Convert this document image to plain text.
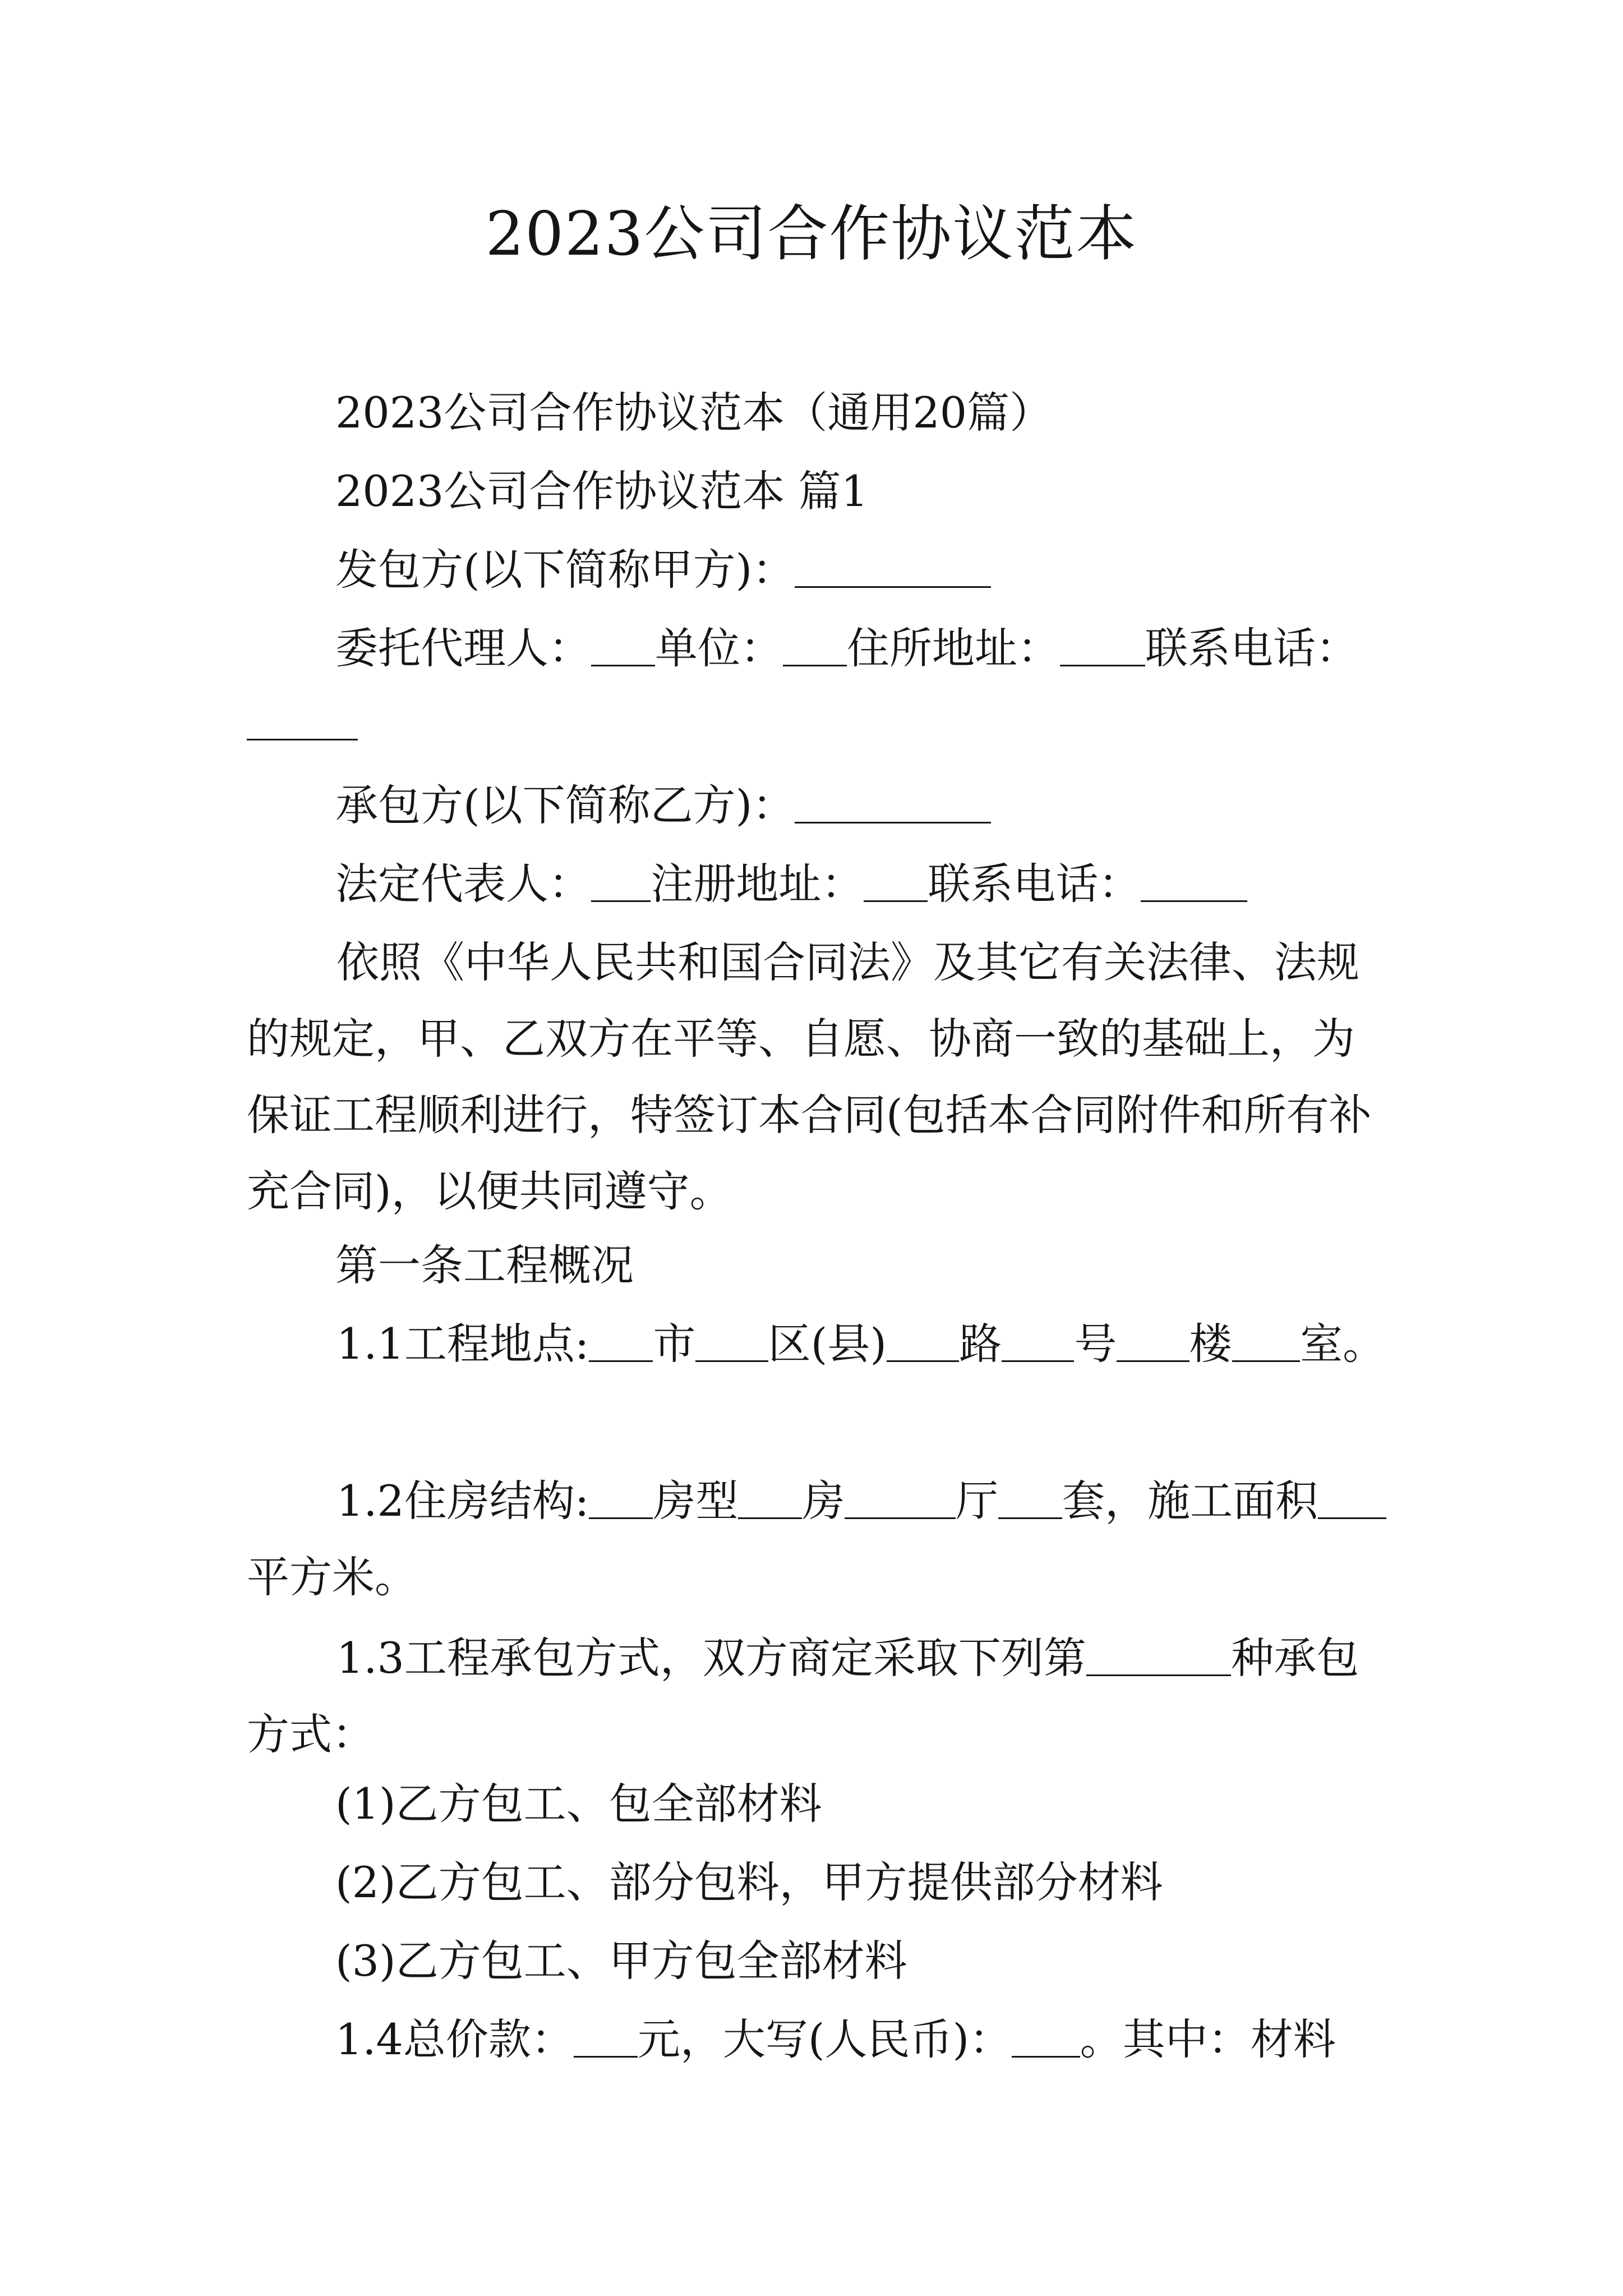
2023公司合作协议范本
2023公司合作协议范本（通用20篇）
2023公司合作协议范本 篇1
发包方(以下简称甲方)：
委托代理人： 单位： 住所地址： 联系电话：
承包方(以下简称乙方)：
法定代表人： 注册地址： 联系电话：
依照《中华人民共和国合同法》及其它有关法律、法规的规定，甲、乙双方在平等、自愿、协商一致的基础上，为保证工程顺利进行，特签订本合同(包括本合同附件和所有补充合同)，以便共同遵守。
第一条工程概况
1.1工程地点: 市 区(县) 路 号 楼 室。
1.2住房结构: 房型 房	厅 套，施工面积平方米。
1.3工程承包方式，双方商定采取下列第	种承包方式：
(1)乙方包工、包全部材料
(2)乙方包工、部分包料，甲方提供部分材料
(3)乙方包工、甲方包全部材料
1.4总价款： 元，大写(人民币)： 。其中：材料
